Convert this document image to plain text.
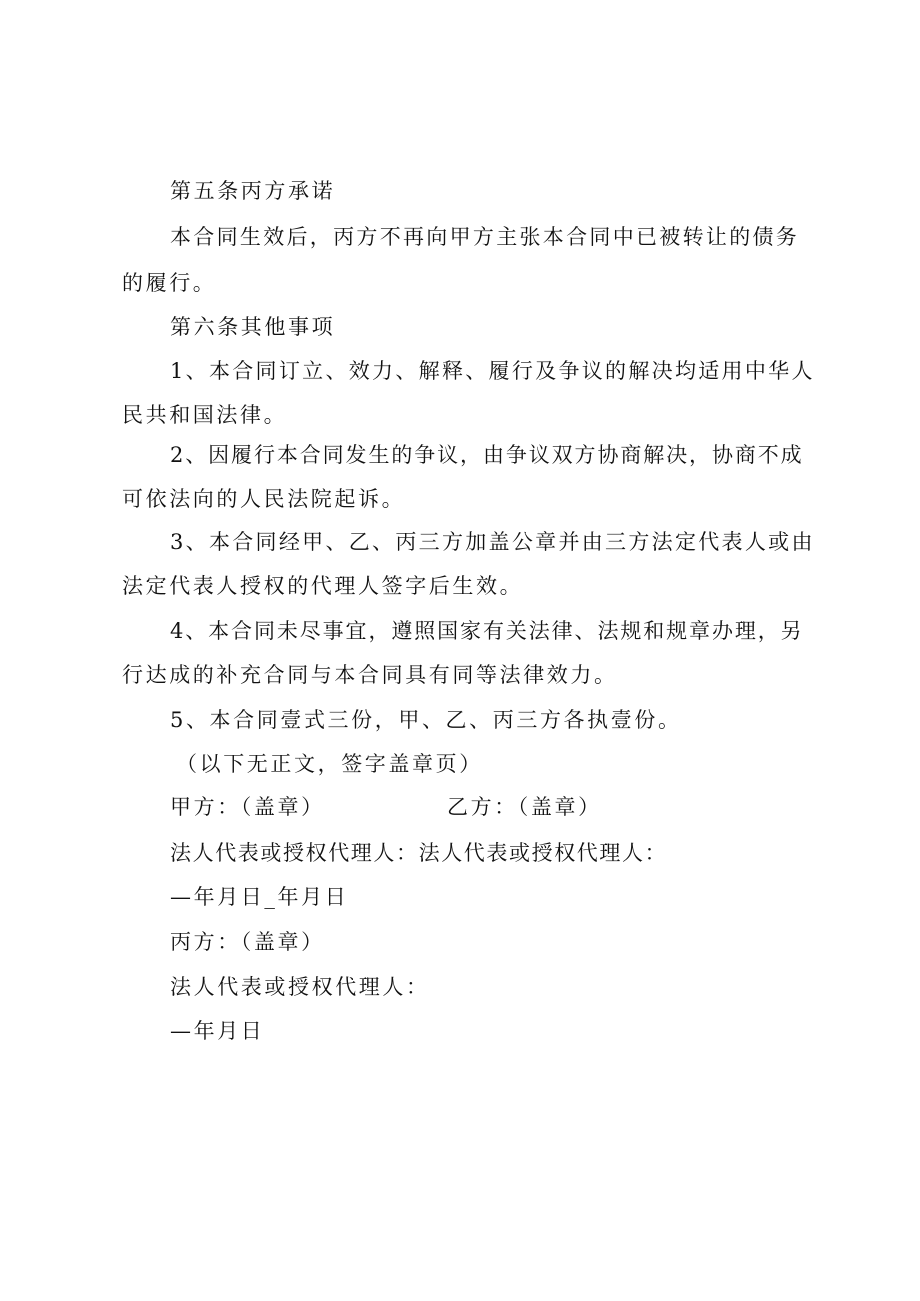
第五条丙方承诺
本合同生效后，丙方不再向甲方主张本合同中已被转让的债务
的履行。
第六条其他事项
1、本合同订立、效力、解释、履行及争议的解决均适用中华人
民共和国法律。
2、因履行本合同发生的争议，由争议双方协商解决，协商不成
可依法向的人民法院起诉。
3、本合同经甲、乙、丙三方加盖公章并由三方法定代表人或由
法定代表人授权的代理人签字后生效。
4、本合同未尽事宜，遵照国家有关法律、法规和规章办理，另
行达成的补充合同与本合同具有同等法律效力。
5、本合同壹式三份，甲、乙、丙三方各执壹份。
（以下无正文，签字盖章页）
甲方：（盖章）	乙方：（盖章）
法人代表或授权代理人：法人代表或授权代理人：
—年月日_年月日
丙方：（盖章）
法人代表或授权代理人：
—年月日
